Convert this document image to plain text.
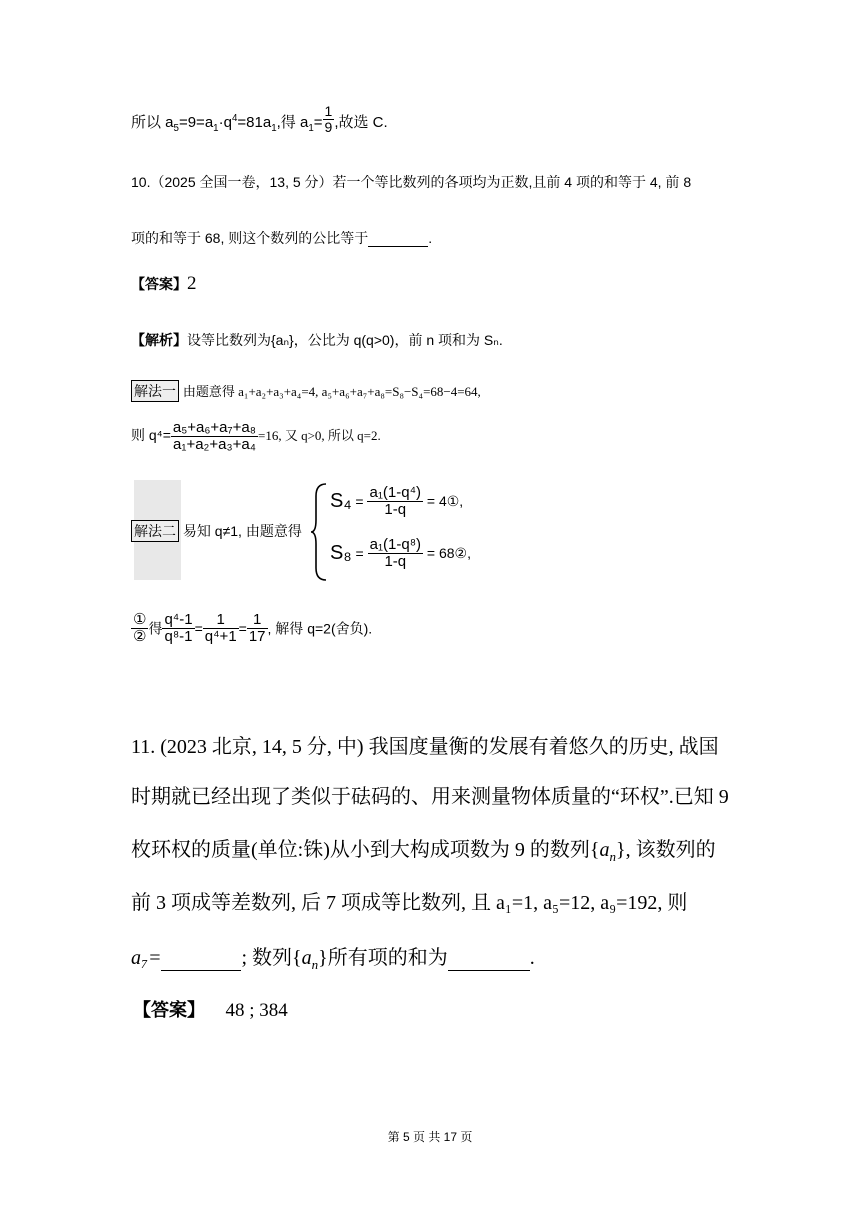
所以 $a_5=9=a_1\cdot q^4=81a_1$,得 $a_1= \frac{1}{9}$ ,故选 C.
10.（2025 全国一卷，13, 5 分）若一个等比数列的各项均为正数,且前 4 项的和等于 4, 前 8
项的和等于 68, 则这个数列的公比等于	.
【答案】2
【解析】设等比数列为{aₙ}，公比为 q(q>0)，前 n 项和为 Sₙ.
解法一 由题意得 a₁+a₂+a₃+a₄=4, a₅+a₆+a₇+a₈=S₈−S₄=68−4=64,
则 $q^4= \frac{\text{a₅+a₆+a₇+a₈}}{\text{a₁+a₂+a₃+a₄}} =16$, 又 q>0, 所以 q=2.
解法二 易知 q≠1, 由题意得
$S_4 = \frac{\text{a₁(1-q⁴)}}{1-q}$ = 4①,
$S_8 = \frac{\text{a₁(1-q⁸)}}{1-q}$ = 68②,
$\frac{\text{①}}{\text{②}}$ 得 $\frac{\text{q⁴-1}}{\text{q⁸-1}} = \frac{1}{\text{q⁴+1}} = \frac{1}{17}$ , 解得 q=2(舍负).
11. (2023 北京, 14, 5 分, 中) 我国度量衡的发展有着悠久的历史, 战国
时期就已经出现了类似于砝码的、用来测量物体质量的“环权”.已知 9
枚环权的质量(单位:铢)从小到大构成项数为 9 的数列$\{a_n\}$, 该数列的
前 3 项成等差数列, 后 7 项成等比数列, 且 a₁=1, a₅=12, a₉=192, 则
a₇=	; 数列$\{a_n\}$所有项的和为	.
【答案】 48 ; 384
第 5 页 共 17 页
